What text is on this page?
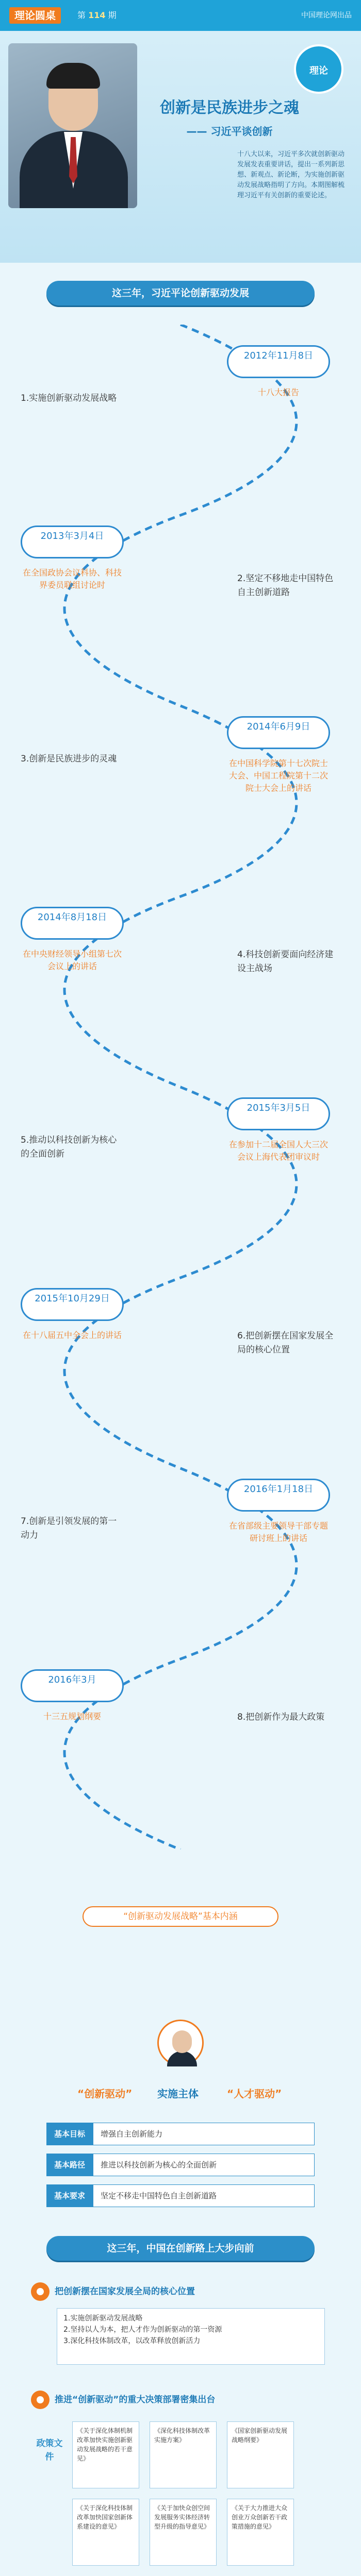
理论圆桌	第 114 期	中国理论网出品
理论
创新是民族进步之魂
—— 习近平谈创新
十八大以来，习近平多次就创新驱动发展发表重要讲话，提出一系列新思想、新观点、新论断，为实施创新驱动发展战略指明了方向。本期图解梳理习近平有关创新的重要论述。
这三年，习近平论创新驱动发展
1.实施创新驱动发展战略
2012年11月8日
十八大报告
2013年3月4日
在全国政协会议科协、科技界委员联组讨论时
2.坚定不移地走中国特色自主创新道路
3.创新是民族进步的灵魂
2014年6月9日
在中国科学院第十七次院士大会、中国工程院第十二次院士大会上的讲话
2014年8月18日
在中央财经领导小组第七次会议上的讲话
4.科技创新要面向经济建设主战场
5.推动以科技创新为核心的全面创新
2015年3月5日
在参加十二届全国人大三次会议上海代表团审议时
2015年10月29日
在十八届五中全会上的讲话	6.把创新摆在国家发展全局的核心位置
7.创新是引领发展的第一动力
2016年1月18日
在省部级主要领导干部专题研讨班上的讲话
2016年3月
十三五规划纲要	8.把创新作为最大政策
“创新驱动发展战略”基本内涵
“创新驱动” 实施主体	“人才驱动”
基本目标	增强自主创新能力
基本路径	推进以科技创新为核心的全面创新
基本要求	坚定不移走中国特色自主创新道路
这三年，中国在创新路上大步向前
把创新摆在国家发展全局的核心位置
1.实施创新驱动发展战略
2.坚持以人为本，把人才作为创新驱动的第一资源
3.深化科技体制改革，以改革释放创新活力
推进“创新驱动”的重大决策部署密集出台
政策文件
《关于深化体制机制改革加快实施创新驱动发展战略的若干意见》
《深化科技体制改革实施方案》
《国家创新驱动发展战略纲要》
《关于深化科技体制改革加快国家创新体系建设的意见》
《关于加快众创空间发展服务实体经济转型升级的指导意见》
《关于大力推进大众创业万众创新若干政策措施的意见》
